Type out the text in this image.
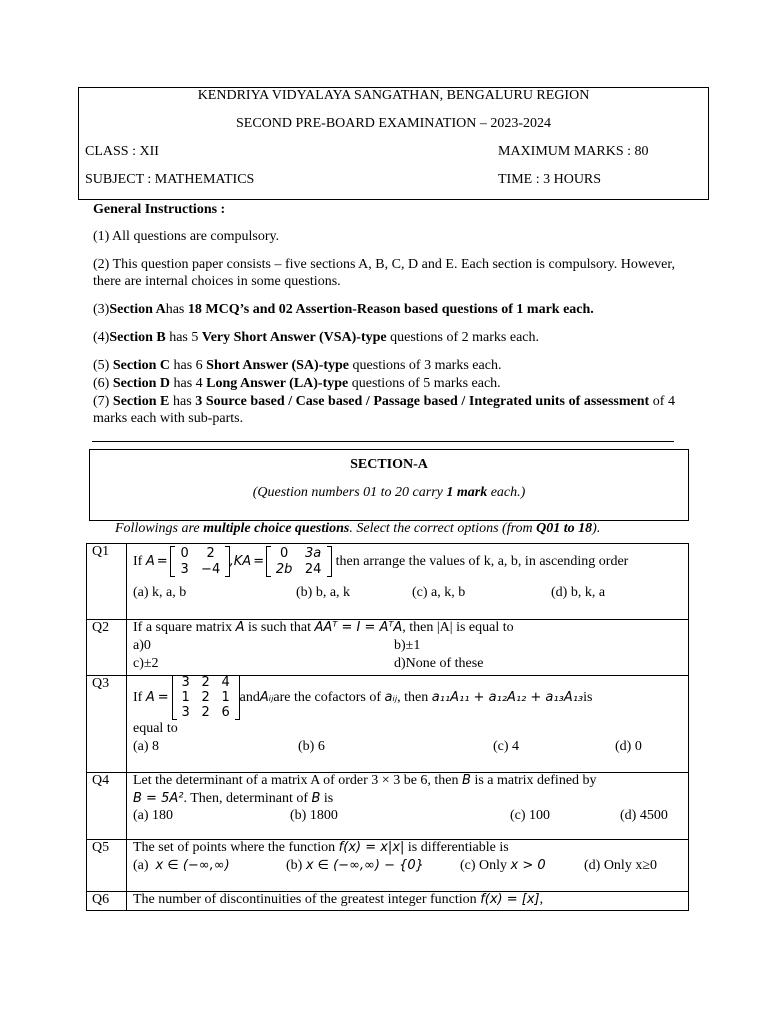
KENDRIYA VIDYALAYA SANGATHAN, BENGALURU REGION
SECOND PRE-BOARD EXAMINATION – 2023-2024
CLASS : XII	MAXIMUM MARKS : 80
SUBJECT : MATHEMATICS	TIME : 3 HOURS
General Instructions :
(1) All questions are compulsory.
(2) This question paper consists – five sections A, B, C, D and E. Each section is compulsory. However, there are internal choices in some questions.
(3)Section Ahas 18 MCQ’s and 02 Assertion-Reason based questions of 1 mark each.
(4)Section B has 5 Very Short Answer (VSA)-type questions of 2 marks each.
(5) Section C has 6 Short Answer (SA)-type questions of 3 marks each.
(6) Section D has 4 Long Answer (LA)-type questions of 5 marks each.
(7) Section E has 3 Source based / Case based / Passage based / Integrated units of assessment of 4 marks each with sub-parts.
SECTION-A
(Question numbers 01 to 20 carry 1 mark each.)
Followings are multiple choice questions. Select the correct options (from Q01 to 18).
Q1
If
A =
0	2
3 −4
,KA =
0	3a
2b 24

then arrange the values of k, a, b, in ascending order
(a) k, a, b	(b) b, a, k	(c) a, k, b	(d) b, k, a
Q2 If a square matrix A is such that AAᵀ = I = AᵀA, then |A| is equal to
a)0	b)±1
c)±2	d)None of these
Q3
If
A =
3 2 4
1 2 1
3 2 6
and Aᵢⱼ are the cofactors of
aᵢⱼ , then
a₁₁A₁₁ + a₁₂A₁₂ + a₁₃A₁₃ is
equal to
(a) 8	(b) 6	(c) 4	(d) 0
Q4 Let the determinant of a matrix A of order 3 × 3 be 6, then B is a matrix defined by
B = 5A². Then, determinant of B is
(a) 180	(b) 1800	(c) 100	(d) 4500
Q5 The set of points where the function f(x) = x|x| is differentiable is
(a) x ∈ (−∞,∞)	(b) x ∈ (−∞,∞) − {0}	(c) Only x > 0	(d) Only x≥0
Q6 The number of discontinuities of the greatest integer function f(x) = [x],
